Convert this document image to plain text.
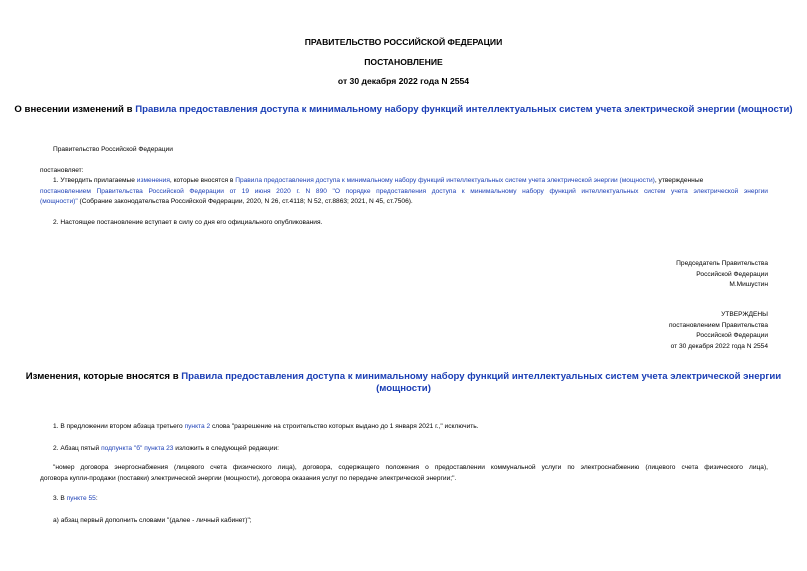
ПРАВИТЕЛЬСТВО РОССИЙСКОЙ ФЕДЕРАЦИИ
ПОСТАНОВЛЕНИЕ
от 30 декабря 2022 года N 2554
О внесении изменений в Правила предоставления доступа к минимальному набору функций интеллектуальных систем учета электрической энергии (мощности)
Правительство Российской Федерации
постановляет:
1. Утвердить прилагаемые изменения, которые вносятся в Правила предоставления доступа к минимальному набору функций интеллектуальных систем учета электрической энергии (мощности), утвержденные
постановлением Правительства Российской Федерации от 19 июня 2020 г. N 890 "О порядке предоставления доступа к минимальному набору функций интеллектуальных систем учета электрической энергии
(мощности)" (Собрание законодательства Российской Федерации, 2020, N 26, ст.4118; N 52, ст.8863; 2021, N 45, ст.7506).
2. Настоящее постановление вступает в силу со дня его официального опубликования.
Председатель Правительства
Российской Федерации
М.Мишустин
УТВЕРЖДЕНЫ
постановлением Правительства
Российской Федерации
от 30 декабря 2022 года N 2554
Изменения, которые вносятся в Правила предоставления доступа к минимальному набору функций интеллектуальных систем учета электрической энергии
(мощности)
1. В предложении втором абзаца третьего пункта 2 слова "разрешение на строительство которых выдано до 1 января 2021 г.," исключить.
2. Абзац пятый подпункта "б" пункта 23 изложить в следующей редакции:
"номер договора энергоснабжения (лицевого счета физического лица), договора, содержащего положения о предоставлении коммунальной услуги по электроснабжению (лицевого счета физического лица),
договора купли-продажи (поставки) электрической энергии (мощности), договора оказания услуг по передаче электрической энергии;".
3. В пункте 55:
а) абзац первый дополнить словами "(далее - личный кабинет)";
